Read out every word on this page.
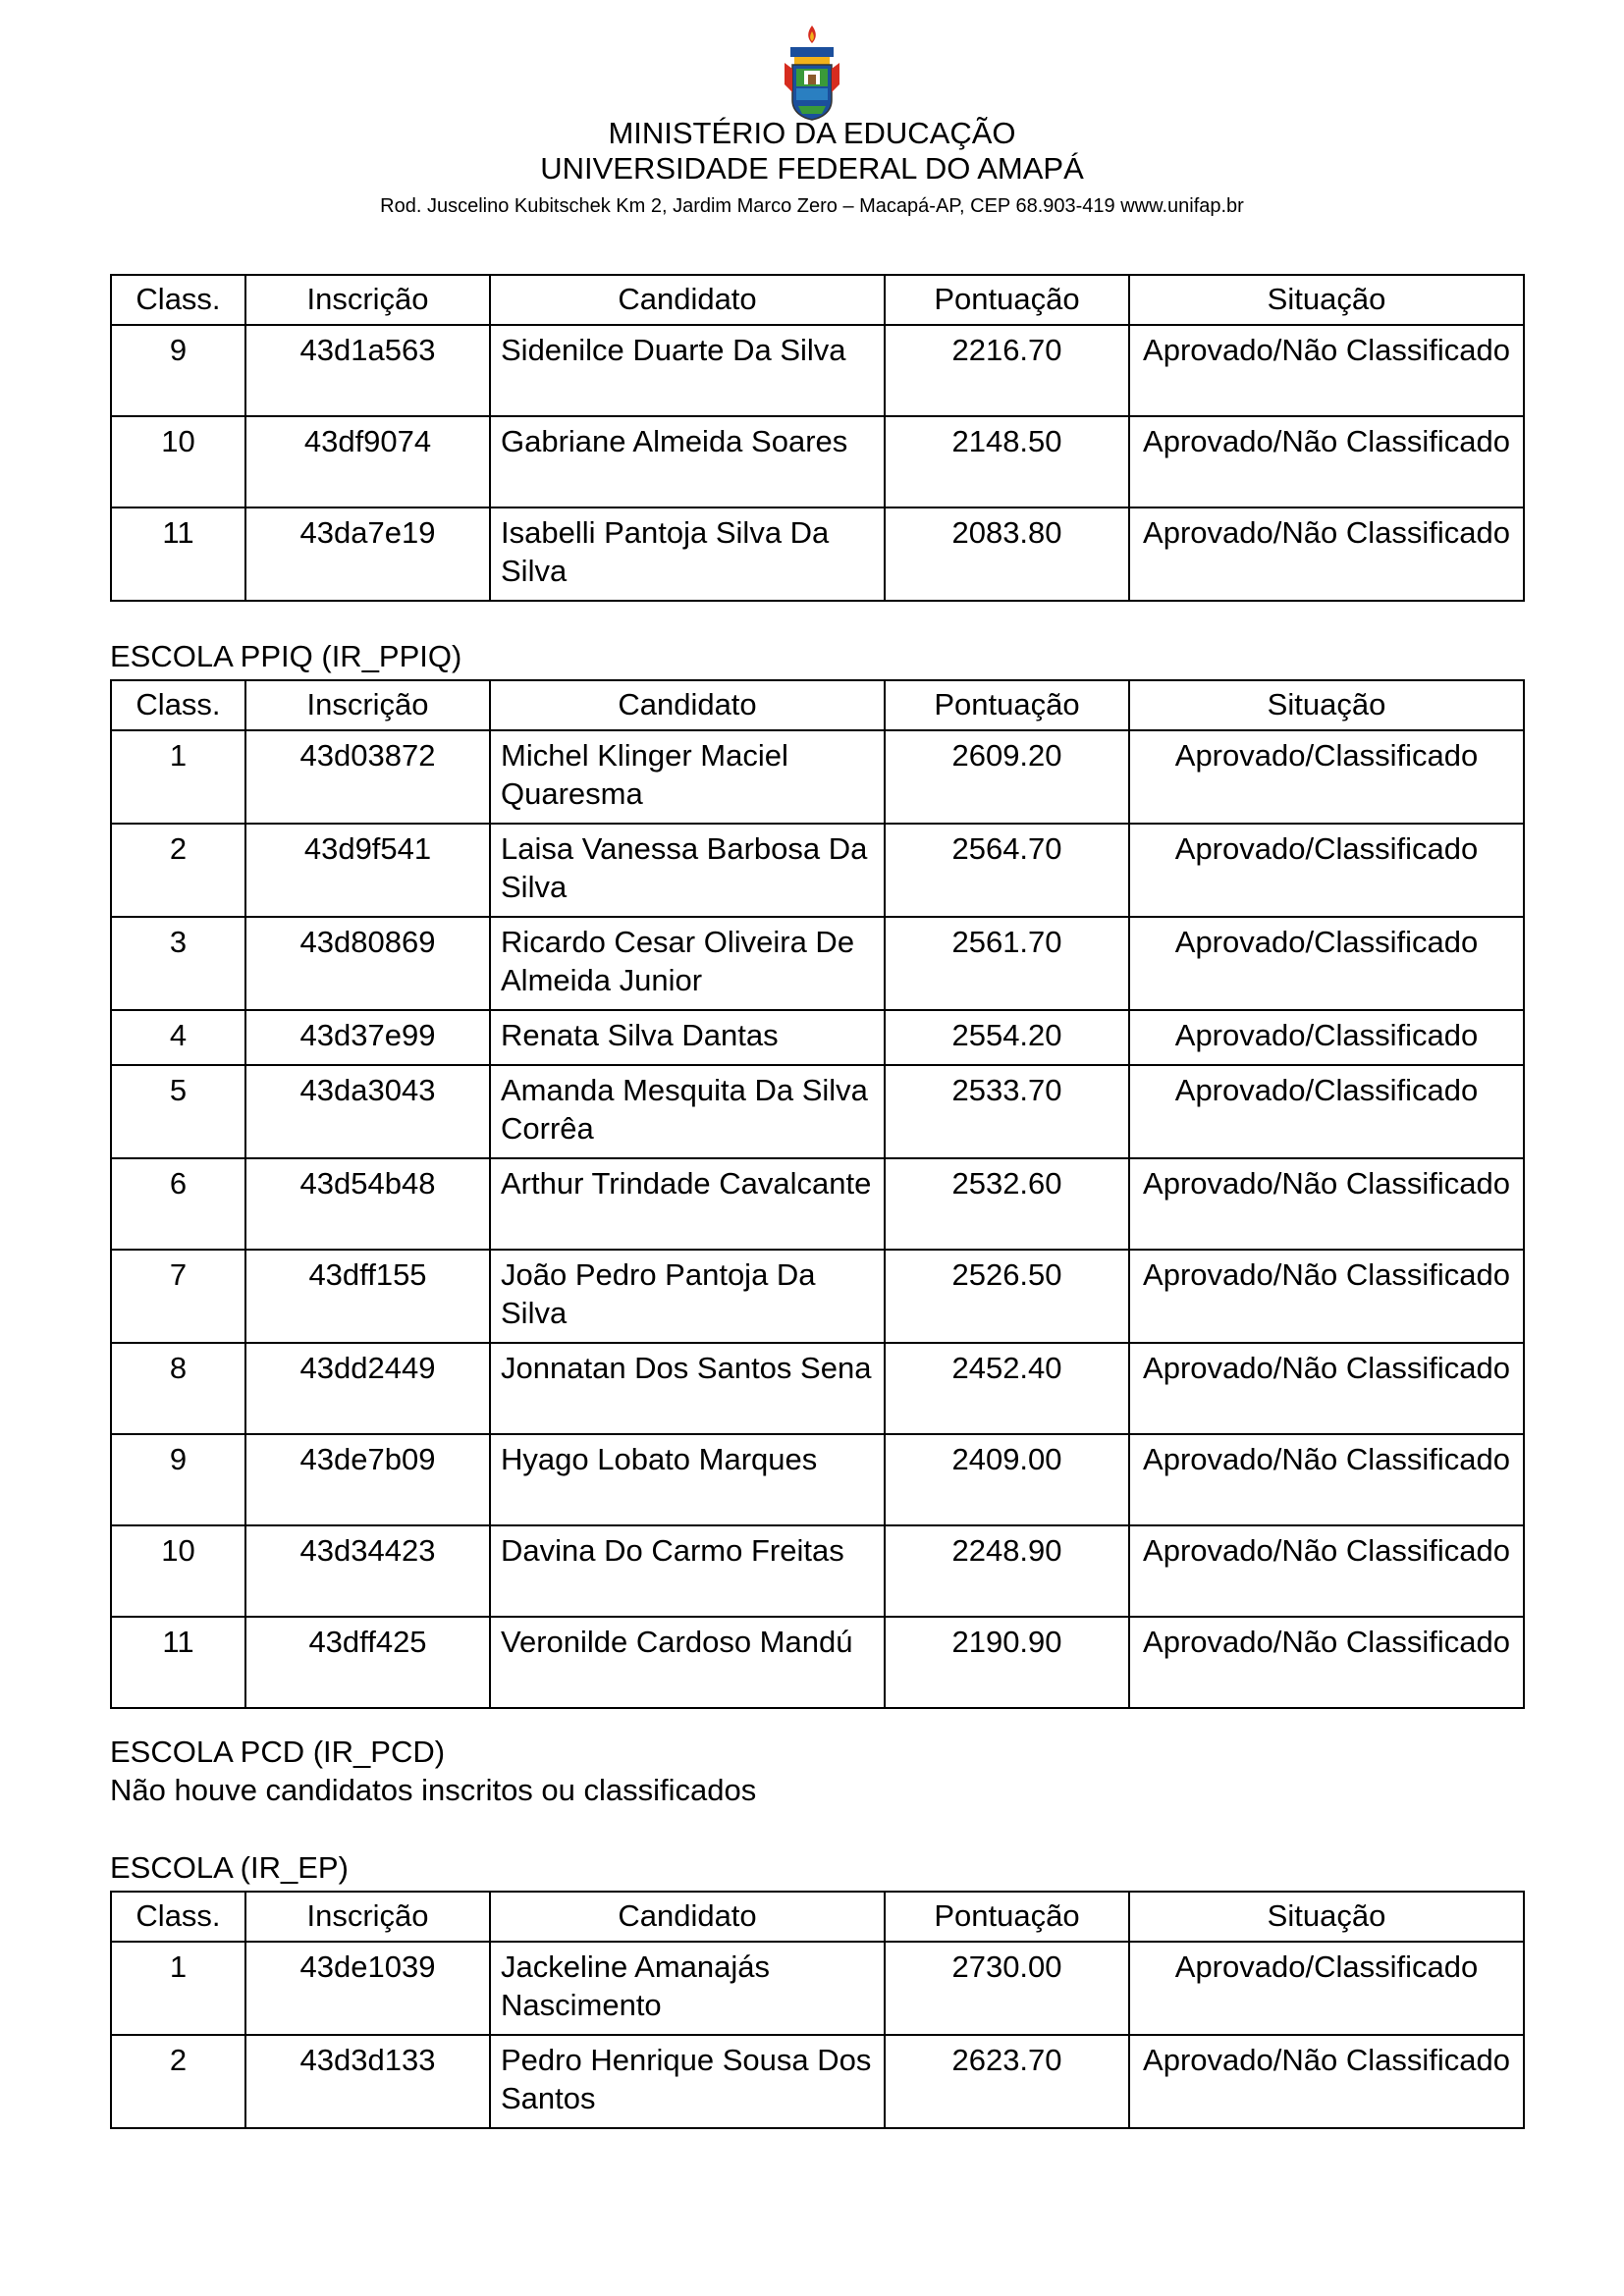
MINISTÉRIO DA EDUCAÇÃO
UNIVERSIDADE FEDERAL DO AMAPÁ
Rod. Juscelino Kubitschek Km 2, Jardim Marco Zero – Macapá-AP, CEP 68.903-419 www.unifap.br
Class.	Inscrição	Candidato	Pontuação	Situação
9	43d1a563	Sidenilce Duarte Da Silva	2216.70	Aprovado/Não Classificado
10	43df9074	Gabriane Almeida Soares	2148.50	Aprovado/Não Classificado
11	43da7e19	Isabelli Pantoja Silva Da Silva	2083.80	Aprovado/Não Classificado
ESCOLA PPIQ (IR_PPIQ)
Class.	Inscrição	Candidato	Pontuação	Situação
1	43d03872	Michel Klinger Maciel Quaresma	2609.20	Aprovado/Classificado
2	43d9f541	Laisa Vanessa Barbosa Da Silva	2564.70	Aprovado/Classificado
3	43d80869	Ricardo Cesar Oliveira De Almeida Junior	2561.70	Aprovado/Classificado
4	43d37e99	Renata Silva Dantas	2554.20	Aprovado/Classificado
5	43da3043	Amanda Mesquita Da Silva Corrêa	2533.70	Aprovado/Classificado
6	43d54b48	Arthur Trindade Cavalcante	2532.60	Aprovado/Não Classificado
7	43dff155	João Pedro Pantoja Da Silva	2526.50	Aprovado/Não Classificado
8	43dd2449	Jonnatan Dos Santos Sena	2452.40	Aprovado/Não Classificado
9	43de7b09	Hyago Lobato Marques	2409.00	Aprovado/Não Classificado
10	43d34423	Davina Do Carmo Freitas	2248.90	Aprovado/Não Classificado
11	43dff425	Veronilde Cardoso Mandú	2190.90	Aprovado/Não Classificado
ESCOLA PCD (IR_PCD)
Não houve candidatos inscritos ou classificados
ESCOLA (IR_EP)
Class.	Inscrição	Candidato	Pontuação	Situação
1	43de1039	Jackeline Amanajás Nascimento	2730.00	Aprovado/Classificado
2	43d3d133	Pedro Henrique Sousa Dos Santos	2623.70	Aprovado/Não Classificado
